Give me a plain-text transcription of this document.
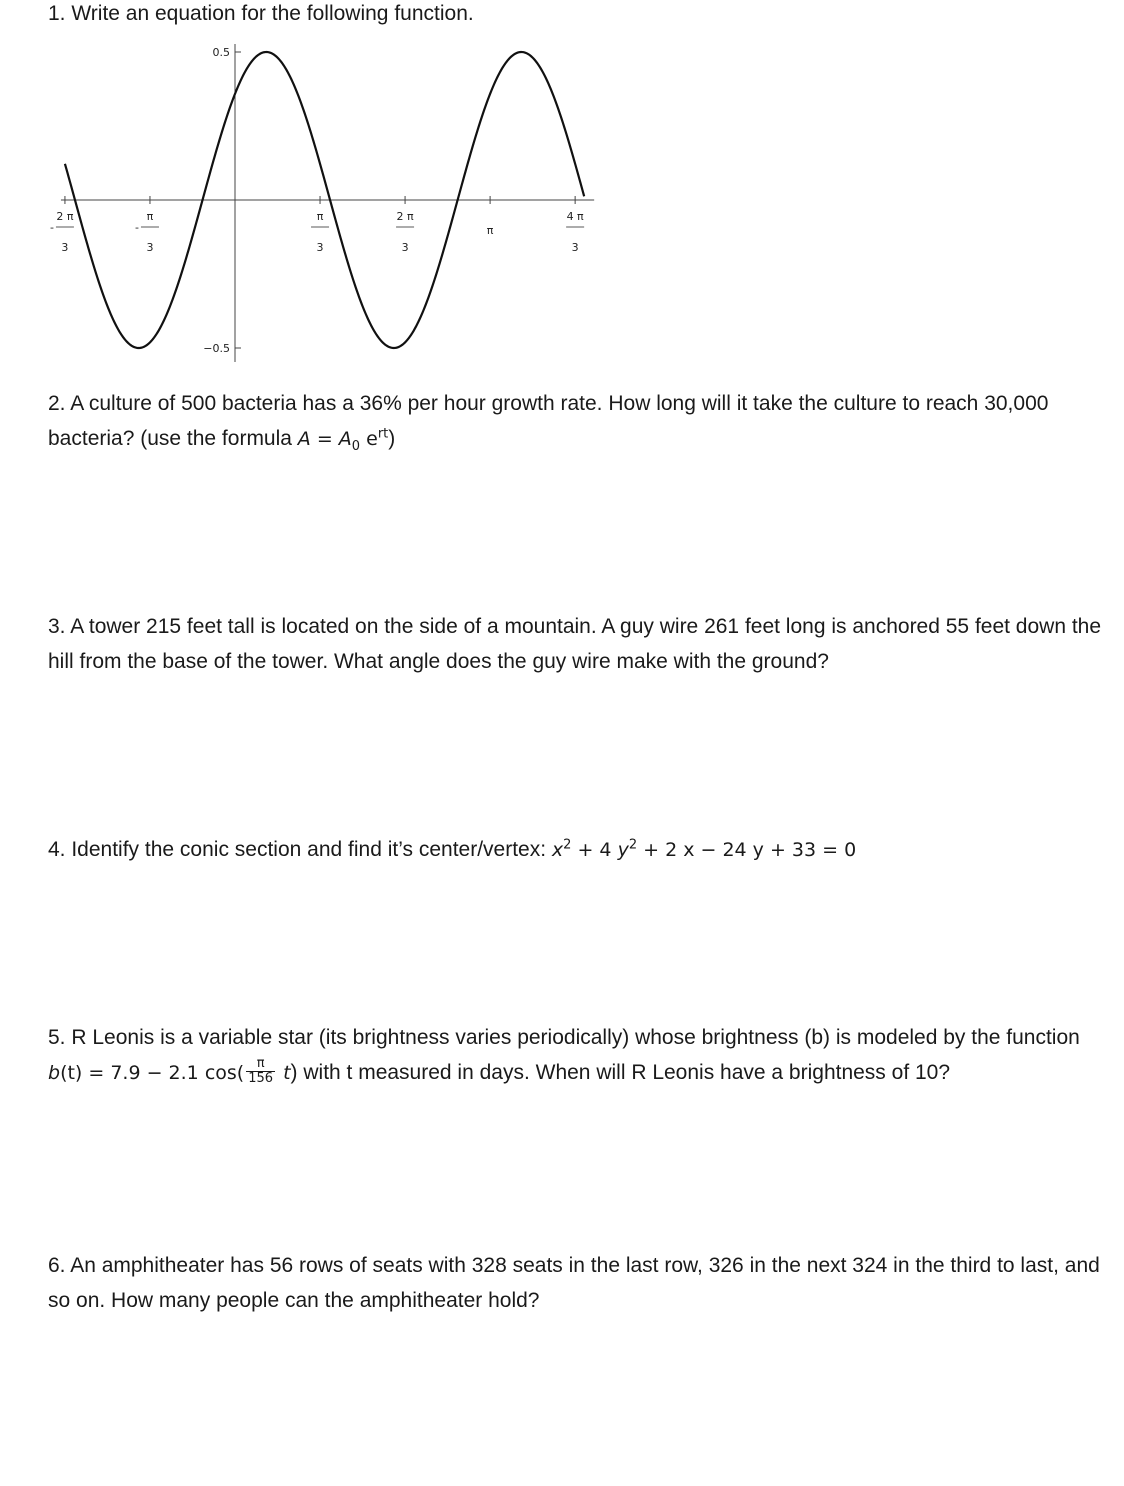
1. Write an equation for the following function.

2 π
3
-
π
3
-
π
3
2 π
3
π
4 π
3
0.5
−0.5

2. A culture of 500 bacteria has a 36% per hour growth rate. How long will it take the culture to reach 30,000 bacteria? (use the formula $A = A_0$ $e^{rt}$)

3. A tower 215 feet tall is located on the side of a mountain. A guy wire 261 feet long is anchored 55 feet down the hill from the base of the tower. What angle does the guy wire make with the ground?

4. Identify the conic section and find it’s center/vertex: $x^2 + 4$ $y^2 + 2$ x − 24 y + 33 = 0

5. R Leonis is a variable star (its brightness varies periodically) whose brightness (b) is modeled by the function b(t) = 7.9 − 2.1 $\cos( \frac{\pi}{156} t)$ with t measured in days. When will R Leonis have a brightness of 10?

6. An amphitheater has 56 rows of seats with 328 seats in the last row, 326 in the next 324 in the third to last, and so on. How many people can the amphitheater hold?
